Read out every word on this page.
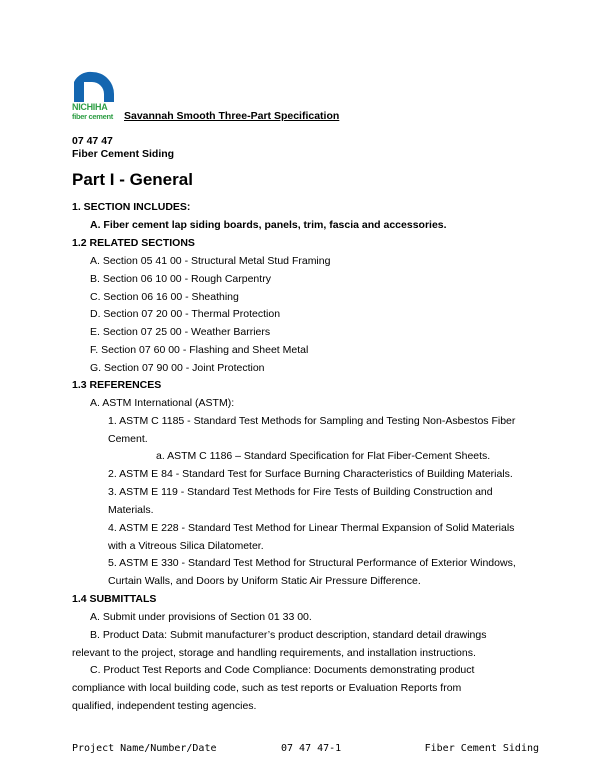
NICHIHA
fiber cement Savannah Smooth Three-Part Specification
07 47 47
Fiber Cement Siding
Part I - General
1. SECTION INCLUDES:
A. Fiber cement lap siding boards, panels, trim, fascia and accessories.
1.2 RELATED SECTIONS
A. Section 05 41 00 - Structural Metal Stud Framing
B. Section 06 10 00 - Rough Carpentry
C. Section 06 16 00 - Sheathing
D. Section 07 20 00 - Thermal Protection
E. Section 07 25 00 - Weather Barriers
F. Section 07 60 00 - Flashing and Sheet Metal
G. Section 07 90 00 - Joint Protection
1.3 REFERENCES
A. ASTM International (ASTM):
1. ASTM C 1185 - Standard Test Methods for Sampling and Testing Non-Asbestos Fiber
Cement.
a. ASTM C 1186 – Standard Specification for Flat Fiber-Cement Sheets.
2. ASTM E 84 - Standard Test for Surface Burning Characteristics of Building Materials.
3. ASTM E 119 - Standard Test Methods for Fire Tests of Building Construction and
Materials.
4. ASTM E 228 - Standard Test Method for Linear Thermal Expansion of Solid Materials
with a Vitreous Silica Dilatometer.
5. ASTM E 330 - Standard Test Method for Structural Performance of Exterior Windows,
Curtain Walls, and Doors by Uniform Static Air Pressure Difference.
1.4 SUBMITTALS
A. Submit under provisions of Section 01 33 00.
B. Product Data: Submit manufacturer’s product description, standard detail drawings
relevant to the project, storage and handling requirements, and installation instructions.
C. Product Test Reports and Code Compliance: Documents demonstrating product
compliance with local building code, such as test reports or Evaluation Reports from
qualified, independent testing agencies.
Project Name/Number/Date	07 47 47-1	Fiber Cement Siding
